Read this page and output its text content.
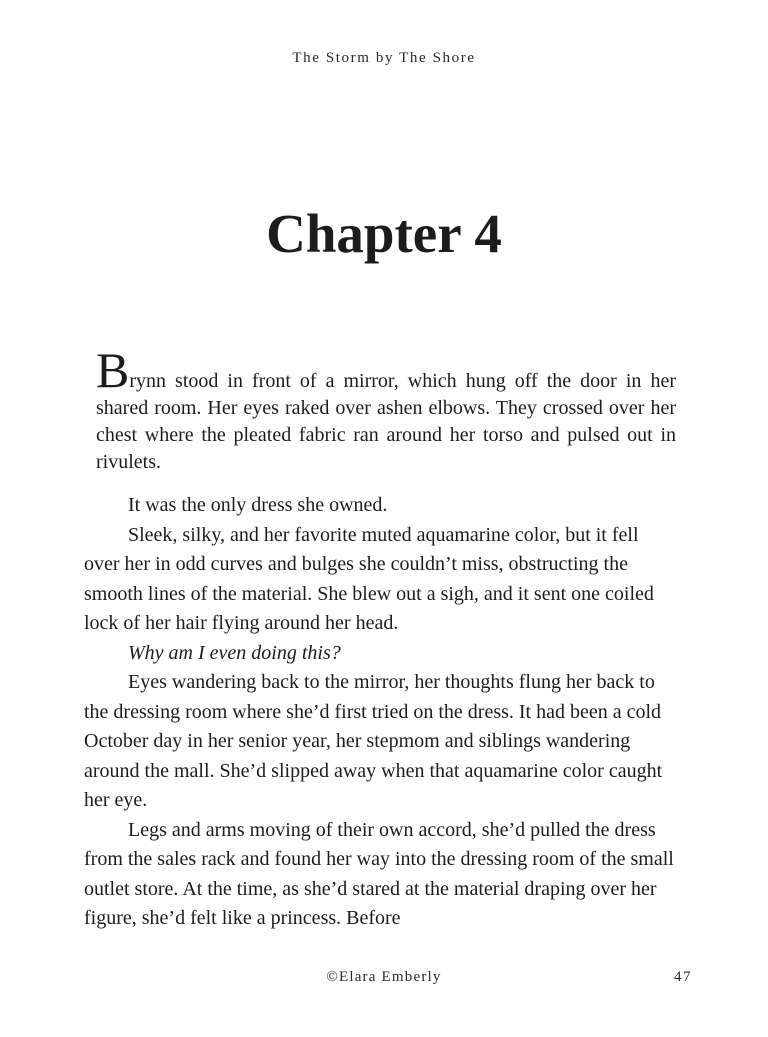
The Storm by The Shore
Chapter 4

Brynn stood in front of a mirror, which hung off the door in her shared room. Her eyes raked over ashen elbows. They crossed over her chest where the pleated fabric ran around her torso and pulsed out in rivulets.

It was the only dress she owned.

Sleek, silky, and her favorite muted aquamarine color, but it fell over her in odd curves and bulges she couldn’t miss, obstructing the smooth lines of the material. She blew out a sigh, and it sent one coiled lock of her hair flying around her head.

Why am I even doing this?

Eyes wandering back to the mirror, her thoughts flung her back to the dressing room where she’d first tried on the dress. It had been a cold October day in her senior year, her stepmom and siblings wandering around the mall. She’d slipped away when that aquamarine color caught her eye.

Legs and arms moving of their own accord, she’d pulled the dress from the sales rack and found her way into the dressing room of the small outlet store. At the time, as she’d stared at the material draping over her figure, she’d felt like a princess. Before

©Elara Emberly	47
